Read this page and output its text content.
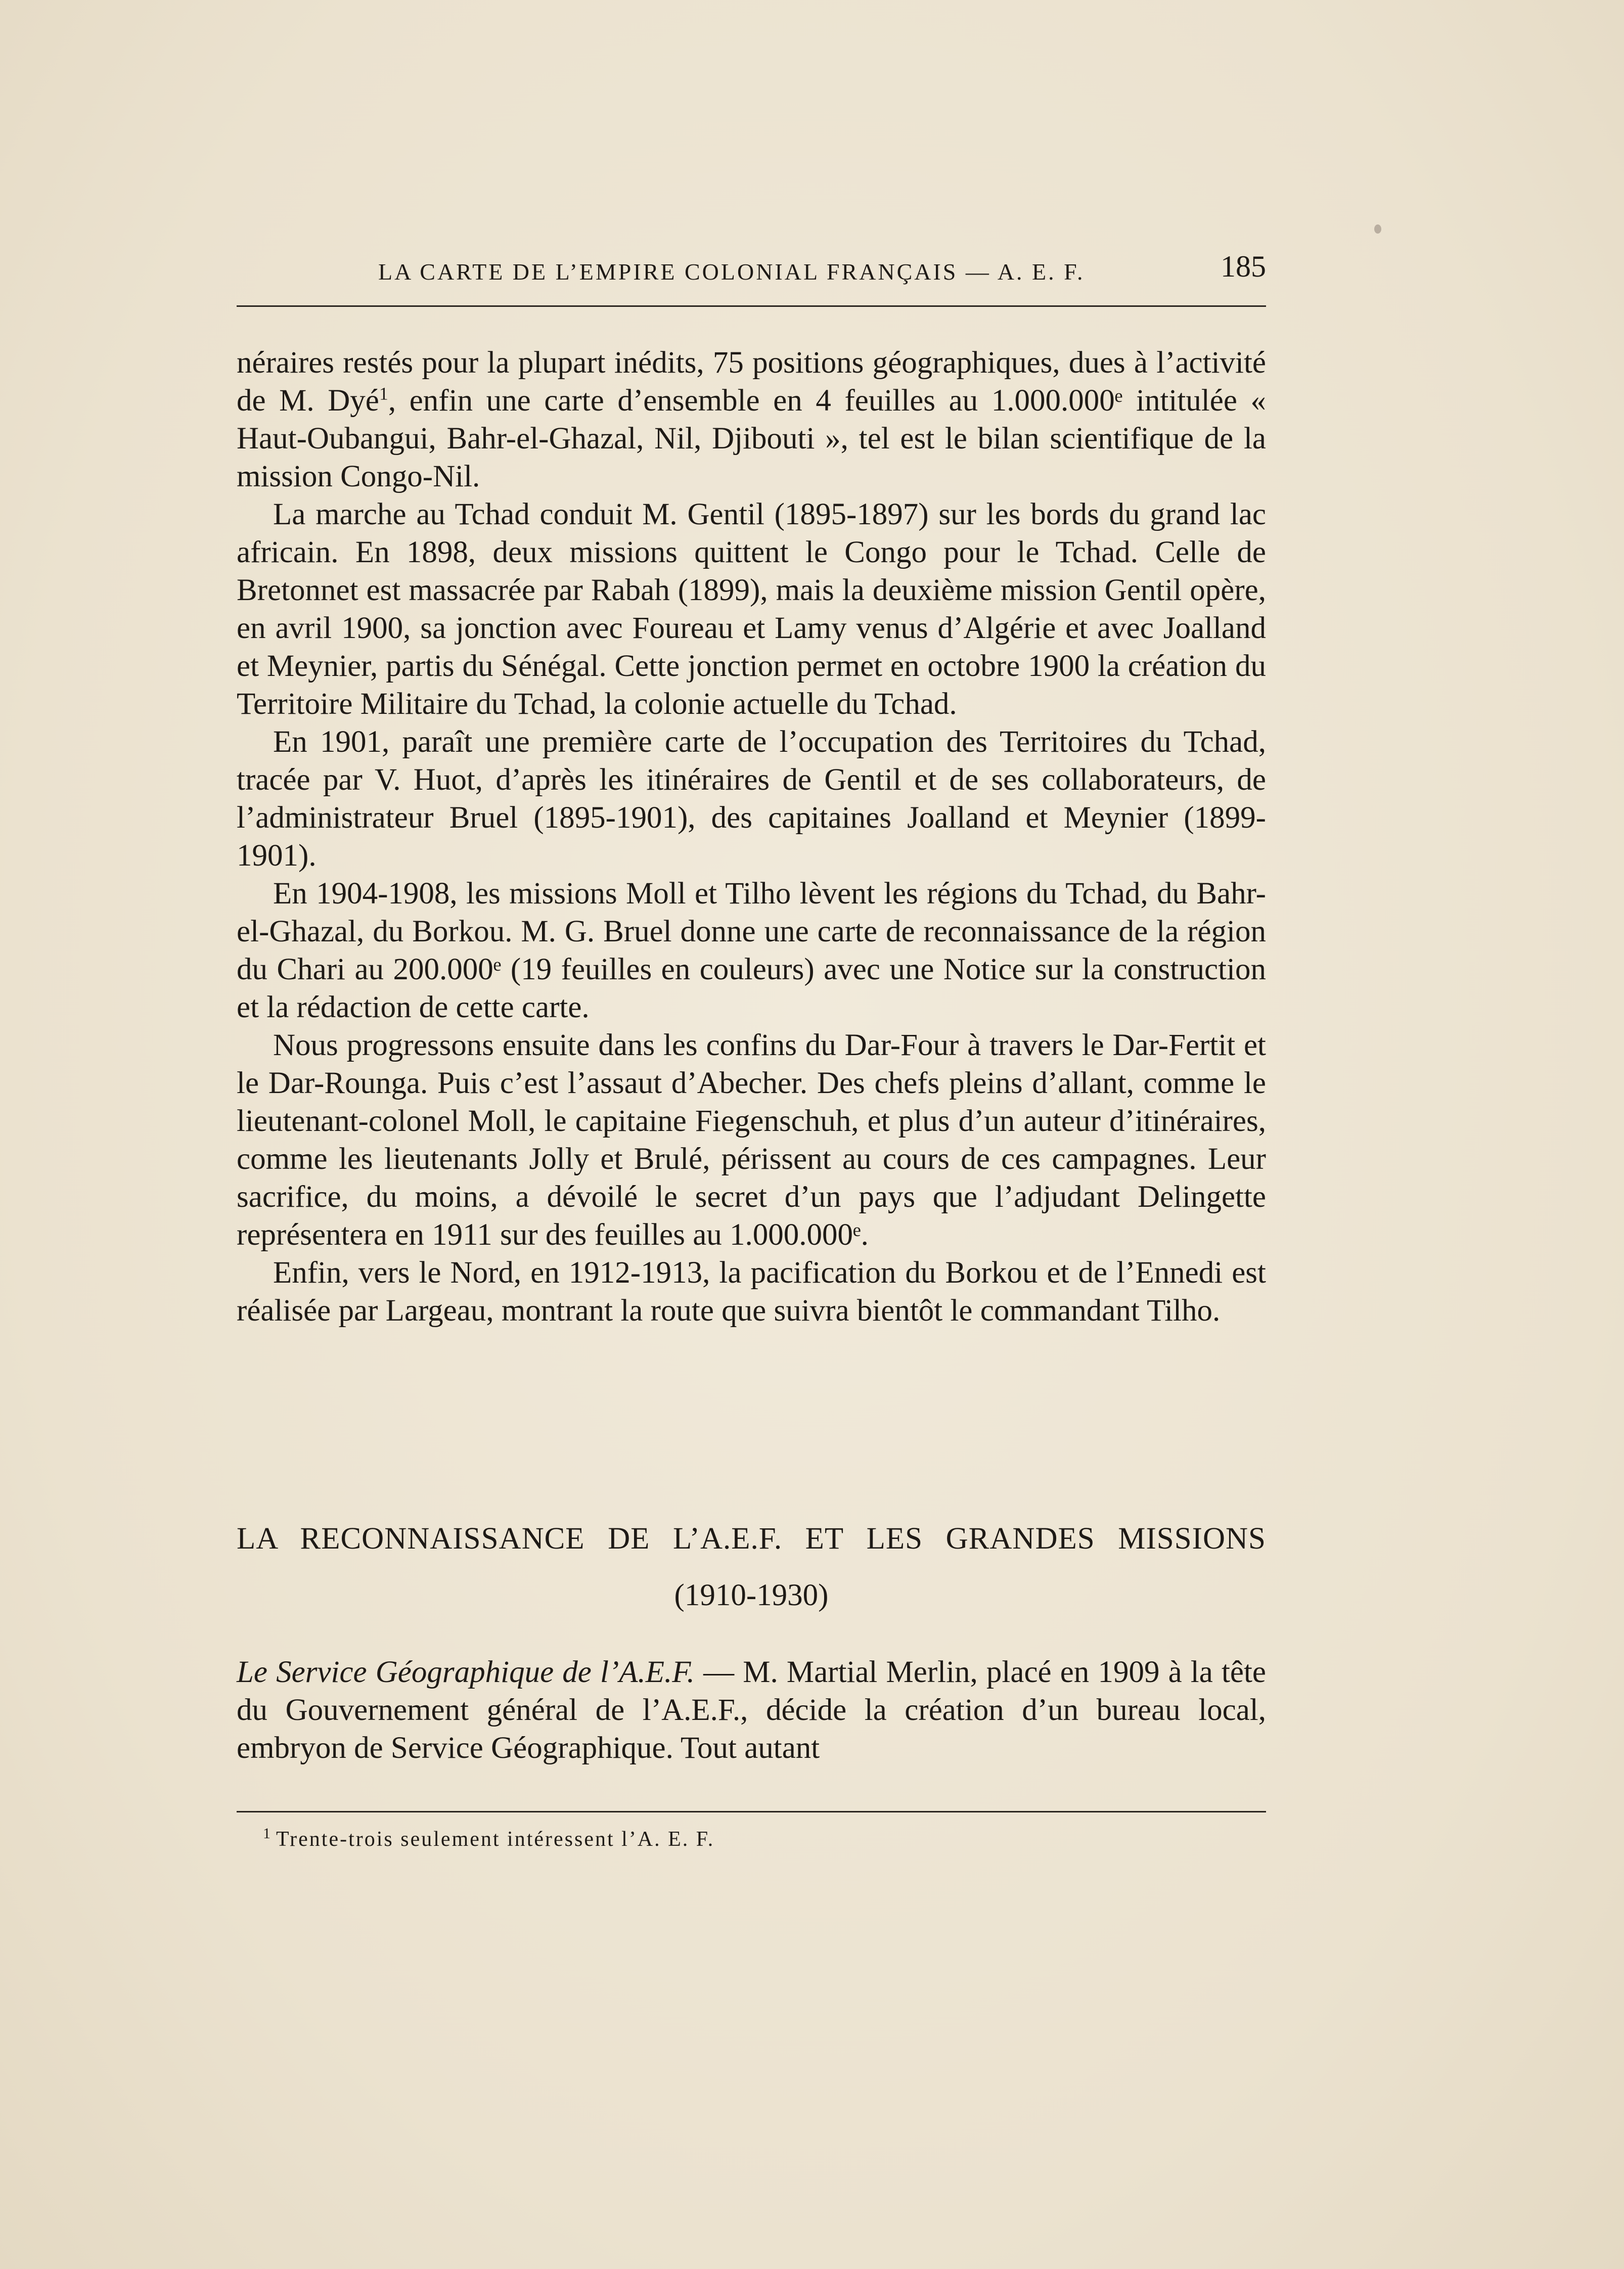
LA CARTE DE L’EMPIRE COLONIAL FRANÇAIS — A. E. F.	185

néraires restés pour la plupart inédits, 75 positions géographiques, dues à l’activité de M. Dyé$^1$, enfin une carte d’ensemble en 4 feuilles au 1.000.000ᵉ intitulée « Haut-Oubangui, Bahr-el-Ghazal, Nil, Djibouti », tel est le bilan scientifique de la mission Congo-Nil.

La marche au Tchad conduit M. Gentil (1895-1897) sur les bords du grand lac africain. En 1898, deux missions quittent le Congo pour le Tchad. Celle de Bretonnet est massacrée par Rabah (1899), mais la deuxième mission Gentil opère, en avril 1900, sa jonction avec Foureau et Lamy venus d’Algérie et avec Joalland et Meynier, partis du Sénégal. Cette jonction permet en octobre 1900 la création du Territoire Militaire du Tchad, la colonie actuelle du Tchad.

En 1901, paraît une première carte de l’occupation des Territoires du Tchad, tracée par V. Huot, d’après les itinéraires de Gentil et de ses collaborateurs, de l’administrateur Bruel (1895-1901), des capitaines Joalland et Meynier (1899-1901).

En 1904-1908, les missions Moll et Tilho lèvent les régions du Tchad, du Bahr-el-Ghazal, du Borkou. M. G. Bruel donne une carte de reconnaissance de la région du Chari au 200.000ᵉ (19 feuilles en couleurs) avec une Notice sur la construction et la rédaction de cette carte.

Nous progressons ensuite dans les confins du Dar-Four à travers le Dar-Fertit et le Dar-Rounga. Puis c’est l’assaut d’Abecher. Des chefs pleins d’allant, comme le lieutenant-colonel Moll, le capitaine Fiegenschuh, et plus d’un auteur d’itinéraires, comme les lieutenants Jolly et Brulé, périssent au cours de ces campagnes. Leur sacrifice, du moins, a dévoilé le secret d’un pays que l’adjudant Delingette représentera en 1911 sur des feuilles au 1.000.000ᵉ.

Enfin, vers le Nord, en 1912-1913, la pacification du Borkou et de l’Ennedi est réalisée par Largeau, montrant la route que suivra bientôt le commandant Tilho.

LA RECONNAISSANCE DE L’A.E.F. ET LES GRANDES MISSIONS
(1910-1930)

Le Service Géographique de l’A.E.F. — M. Martial Merlin, placé en 1909 à la tête du Gouvernement général de l’A.E.F., décide la création d’un bureau local, embryon de Service Géographique. Tout autant

$^1$ Trente-trois seulement intéressent l’A. E. F.
